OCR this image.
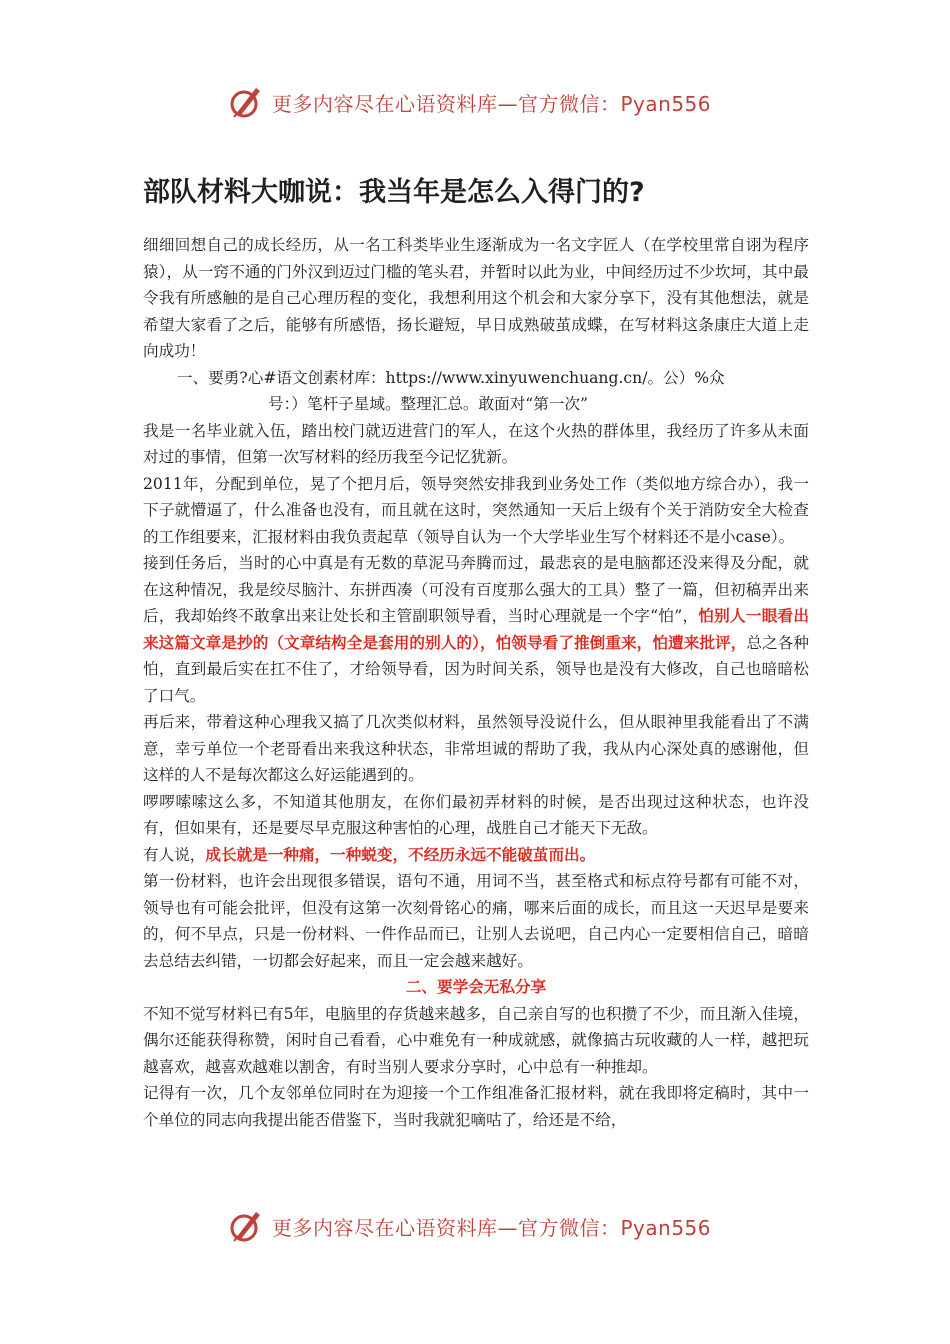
更多内容尽在心语资料库—官方微信：Pyan556
部队材料大咖说：我当年是怎么入得门的?

细细回想自己的成长经历，从一名工科类毕业生逐渐成为一名文字匠人（在学校里常自诩为程序猿），从一窍不通的门外汉到迈过门槛的笔头君，并暂时以此为业，中间经历过不少坎坷，其中最令我有所感触的是自己心理历程的变化，我想利用这个机会和大家分享下，没有其他想法，就是希望大家看了之后，能够有所感悟，扬长避短，早日成熟破茧成蝶，在写材料这条康庄大道上走向成功！

一、要勇?心#语文创素材库：https://www.xinyuwenchuang.cn/。公）%众

号：）笔杆子星域。整理汇总。敢面对“第一次”

我是一名毕业就入伍，踏出校门就迈进营门的军人，在这个火热的群体里，我经历了许多从未面对过的事情，但第一次写材料的经历我至今记忆犹新。

2011年，分配到单位，晃了个把月后，领导突然安排我到业务处工作（类似地方综合办），我一下子就懵逼了，什么准备也没有，而且就在这时，突然通知一天后上级有个关于消防安全大检查的工作组要来，汇报材料由我负责起草（领导自认为一个大学毕业生写个材料还不是小case）。

接到任务后，当时的心中真是有无数的草泥马奔腾而过，最悲哀的是电脑都还没来得及分配，就在这种情况，我是绞尽脑汁、东拼西凑（可没有百度那么强大的工具）整了一篇，但初稿弄出来后，我却始终不敢拿出来让处长和主管副职领导看，当时心理就是一个字“怕”，怕别人一眼看出来这篇文章是抄的（文章结构全是套用的别人的），怕领导看了推倒重来，怕遭来批评，总之各种怕，直到最后实在扛不住了，才给领导看，因为时间关系，领导也是没有大修改，自己也暗暗松了口气。

再后来，带着这种心理我又搞了几次类似材料，虽然领导没说什么，但从眼神里我能看出了不满意，幸亏单位一个老哥看出来我这种状态，非常坦诚的帮助了我，我从内心深处真的感谢他，但这样的人不是每次都这么好运能遇到的。

啰啰嗦嗦这么多，不知道其他朋友，在你们最初弄材料的时候，是否出现过这种状态，也许没有，但如果有，还是要尽早克服这种害怕的心理，战胜自己才能天下无敌。

有人说，成长就是一种痛，一种蜕变，不经历永远不能破茧而出。

第一份材料，也许会出现很多错误，语句不通，用词不当，甚至格式和标点符号都有可能不对，领导也有可能会批评，但没有这第一次刻骨铭心的痛，哪来后面的成长，而且这一天迟早是要来的，何不早点，只是一份材料、一件作品而已，让别人去说吧，自己内心一定要相信自己，暗暗去总结去纠错，一切都会好起来，而且一定会越来越好。

二、要学会无私分享

不知不觉写材料已有5年，电脑里的存货越来越多，自己亲自写的也积攒了不少，而且渐入佳境，偶尔还能获得称赞，闲时自己看看，心中难免有一种成就感，就像搞古玩收藏的人一样，越把玩越喜欢，越喜欢越难以割舍，有时当别人要求分享时，心中总有一种推却。

记得有一次，几个友邻单位同时在为迎接一个工作组准备汇报材料，就在我即将定稿时，其中一个单位的同志向我提出能否借鉴下，当时我就犯嘀咕了，给还是不给，

更多内容尽在心语资料库—官方微信：Pyan556
